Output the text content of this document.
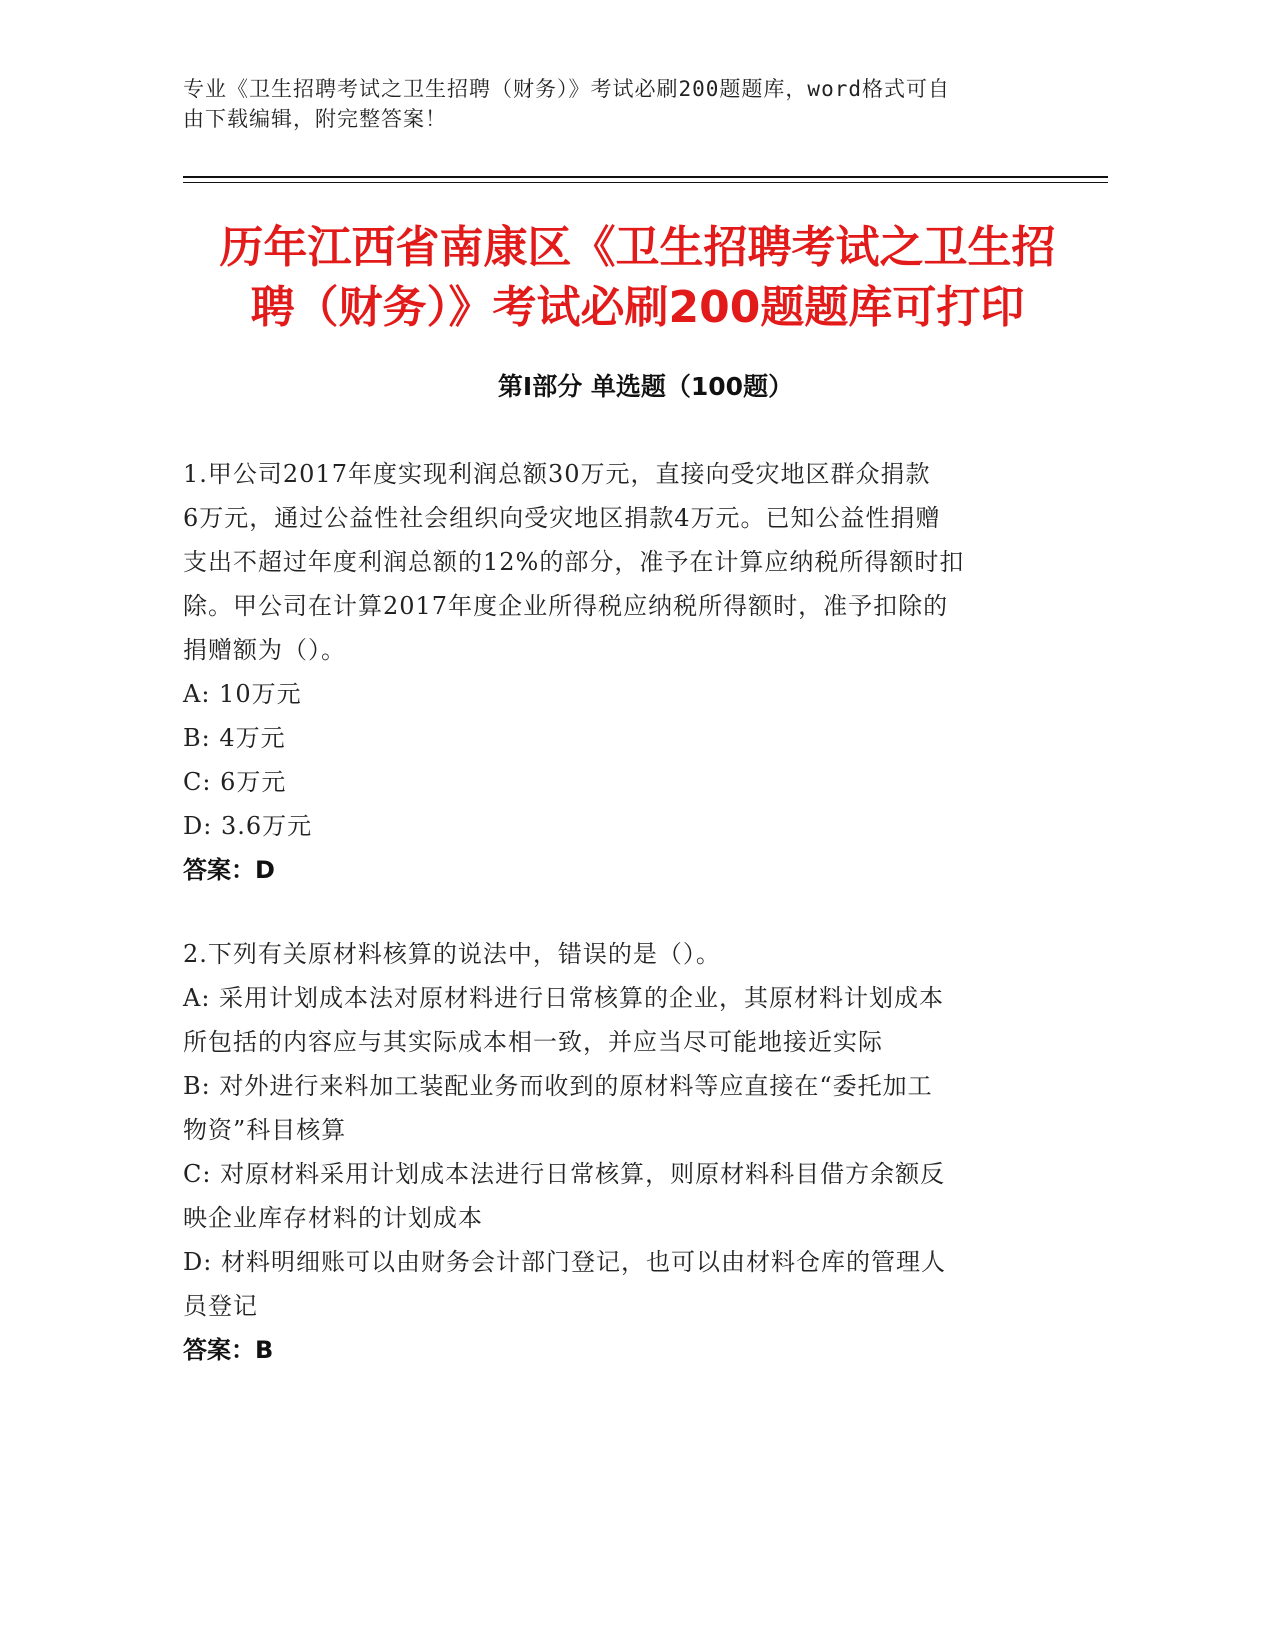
专业《卫生招聘考试之卫生招聘（财务）》考试必刷200题题库，word格式可自
由下载编辑，附完整答案！
历年江西省南康区《卫生招聘考试之卫生招
聘（财务）》考试必刷200题题库可打印
第Ⅰ部分 单选题（100题）
1.甲公司2017年度实现利润总额30万元，直接向受灾地区群众捐款
6万元，通过公益性社会组织向受灾地区捐款4万元。已知公益性捐赠
支出不超过年度利润总额的12%的部分，准予在计算应纳税所得额时扣
除。甲公司在计算2017年度企业所得税应纳税所得额时，准予扣除的
捐赠额为（）。
A: 10万元
B: 4万元
C: 6万元
D: 3.6万元
答案：D
2.下列有关原材料核算的说法中，错误的是（）。
A: 采用计划成本法对原材料进行日常核算的企业，其原材料计划成本
所包括的内容应与其实际成本相一致，并应当尽可能地接近实际
B: 对外进行来料加工装配业务而收到的原材料等应直接在“委托加工
物资”科目核算
C: 对原材料采用计划成本法进行日常核算，则原材料科目借方余额反
映企业库存材料的计划成本
D: 材料明细账可以由财务会计部门登记，也可以由材料仓库的管理人
员登记
答案：B
